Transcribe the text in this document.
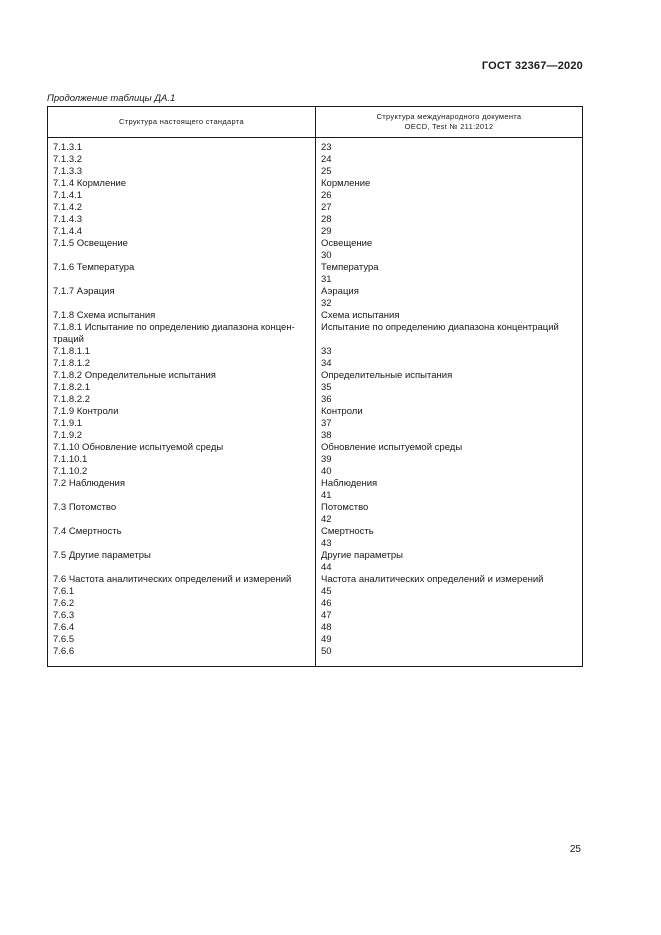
ГОСТ 32367—2020
Продолжение таблицы ДА.1
Структура настоящего стандарта	Структура международного документа
OECD, Test № 211:2012
7.1.3.1	23
7.1.3.2	24
7.1.3.3	25
7.1.4 Кормление	Кормление
7.1.4.1	26
7.1.4.2	27
7.1.4.3	28
7.1.4.4	29
7.1.5 Освещение	Освещение
	30
7.1.6 Температура	Температура
	31
7.1.7 Аэрация	Аэрация
	32
7.1.8 Схема испытания	Схема испытания
7.1.8.1 Испытание по определению диапазона концен-	Испытание по определению диапазона концентраций
траций	
7.1.8.1.1	33
7.1.8.1.2	34
7.1.8.2 Определительные испытания	Определительные испытания
7.1.8.2.1	35
7.1.8.2.2	36
7.1.9 Контроли	Контроли
7.1.9.1	37
7.1.9.2	38
7.1.10 Обновление испытуемой среды	Обновление испытуемой среды
7.1.10.1	39
7.1.10.2	40
7.2 Наблюдения	Наблюдения
	41
7.3 Потомство	Потомство
	42
7.4 Смертность	Смертность
	43
7.5 Другие параметры	Другие параметры
	44
7.6 Частота аналитических определений и измерений	Частота аналитических определений и измерений
7.6.1	45
7.6.2	46
7.6.3	47
7.6.4	48
7.6.5	49
7.6.6	50
25
